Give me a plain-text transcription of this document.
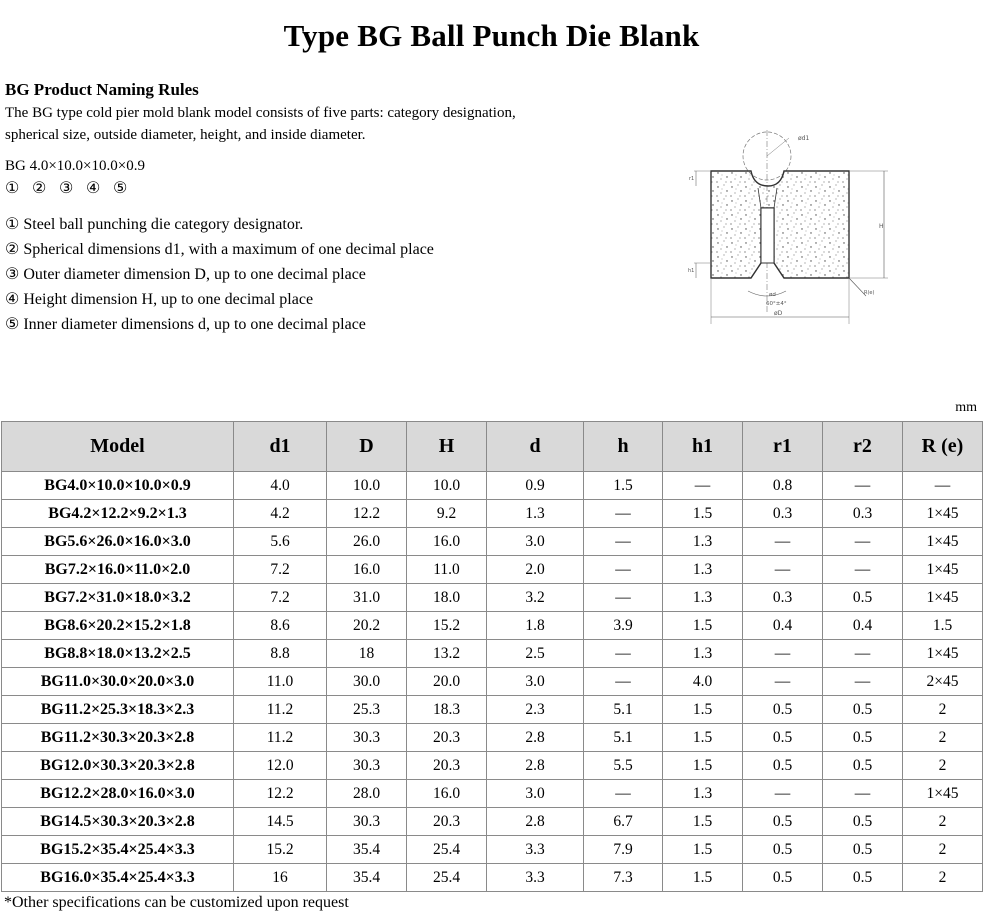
Type BG Ball Punch Die Blank
BG Product Naming Rules

The BG type cold pier mold blank model consists of five parts: category designation, spherical size, outside diameter, height, and inside diameter.

BG 4.0×10.0×10.0×0.9
① ② ③ ④ ⑤
① Steel ball punching die category designator.
② Spherical dimensions d1, with a maximum of one decimal place
③ Outer diameter dimension D, up to one decimal place
④ Height dimension H, up to one decimal place
⑤ Inner diameter dimensions d, up to one decimal place
ød1
ød
60°±4°
øD
H
r1
h1
R(e)
mm
Model	d1	D	H	d	h	h1	r1	r2	R (e)
BG4.0×10.0×10.0×0.9	4.0	10.0	10.0	0.9	1.5	—	0.8	—	—
BG4.2×12.2×9.2×1.3	4.2	12.2	9.2	1.3	—	1.5	0.3	0.3	1×45
BG5.6×26.0×16.0×3.0	5.6	26.0	16.0	3.0	—	1.3	—	—	1×45
BG7.2×16.0×11.0×2.0	7.2	16.0	11.0	2.0	—	1.3	—	—	1×45
BG7.2×31.0×18.0×3.2	7.2	31.0	18.0	3.2	—	1.3	0.3	0.5	1×45
BG8.6×20.2×15.2×1.8	8.6	20.2	15.2	1.8	3.9	1.5	0.4	0.4	1.5
BG8.8×18.0×13.2×2.5	8.8	18	13.2	2.5	—	1.3	—	—	1×45
BG11.0×30.0×20.0×3.0	11.0	30.0	20.0	3.0	—	4.0	—	—	2×45
BG11.2×25.3×18.3×2.3	11.2	25.3	18.3	2.3	5.1	1.5	0.5	0.5	2
BG11.2×30.3×20.3×2.8	11.2	30.3	20.3	2.8	5.1	1.5	0.5	0.5	2
BG12.0×30.3×20.3×2.8	12.0	30.3	20.3	2.8	5.5	1.5	0.5	0.5	2
BG12.2×28.0×16.0×3.0	12.2	28.0	16.0	3.0	—	1.3	—	—	1×45
BG14.5×30.3×20.3×2.8	14.5	30.3	20.3	2.8	6.7	1.5	0.5	0.5	2
BG15.2×35.4×25.4×3.3	15.2	35.4	25.4	3.3	7.9	1.5	0.5	0.5	2
BG16.0×35.4×25.4×3.3	16	35.4	25.4	3.3	7.3	1.5	0.5	0.5	2
*Other specifications can be customized upon request
